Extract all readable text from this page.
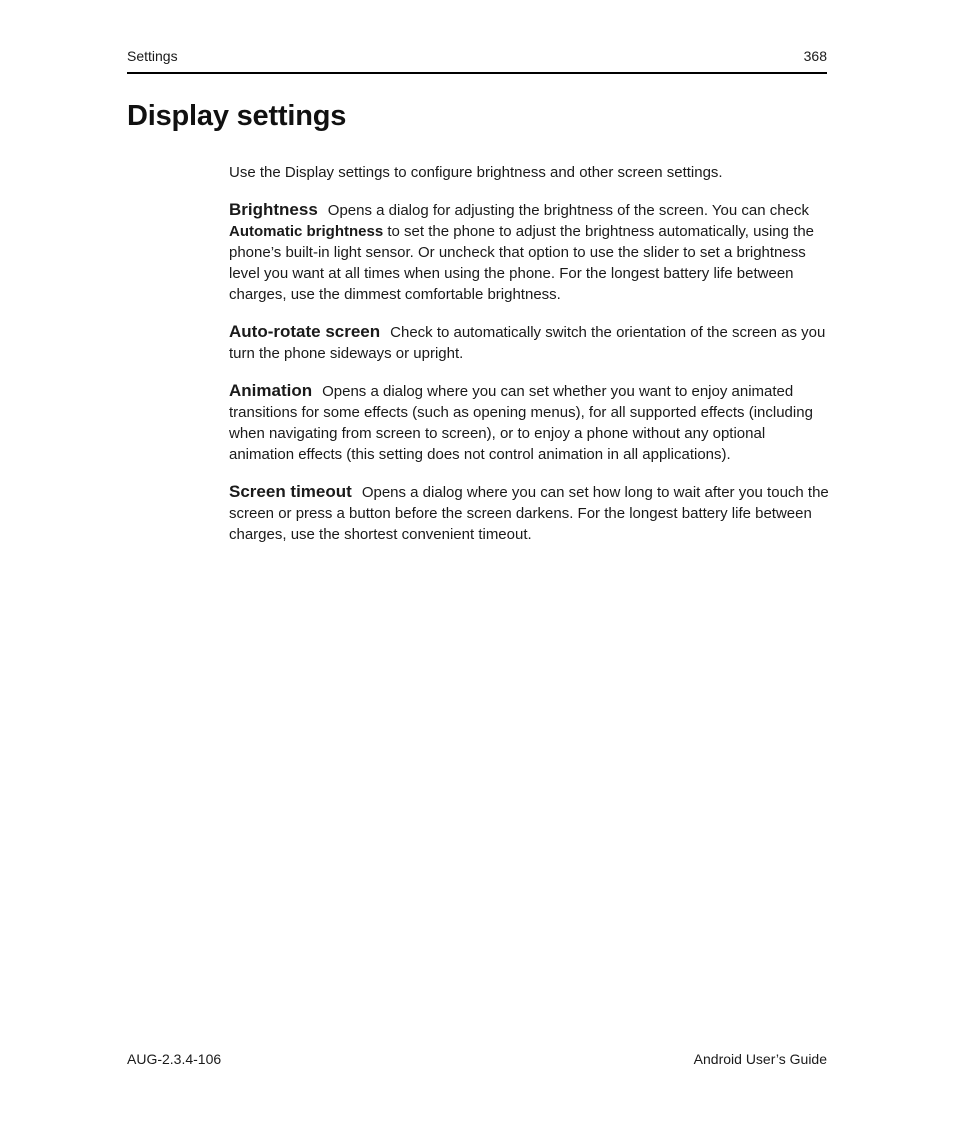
Settings	368
Display settings

Use the Display settings to configure brightness and other screen settings.

Brightness Opens a dialog for adjusting the brightness of the screen. You can check Automatic brightness to set the phone to adjust the brightness automatically, using the phone’s built-in light sensor. Or uncheck that option to use the slider to set a brightness level you want at all times when using the phone. For the longest battery life between charges, use the dimmest comfortable brightness.

Auto-rotate screen Check to automatically switch the orientation of the screen as you turn the phone sideways or upright.

Animation Opens a dialog where you can set whether you want to enjoy animated transitions for some effects (such as opening menus), for all supported effects (including when navigating from screen to screen), or to enjoy a phone without any optional animation effects (this setting does not control animation in all applications).

Screen timeout Opens a dialog where you can set how long to wait after you touch the screen or press a button before the screen darkens. For the longest battery life between charges, use the shortest convenient timeout.

AUG-2.3.4-106	Android User’s Guide
